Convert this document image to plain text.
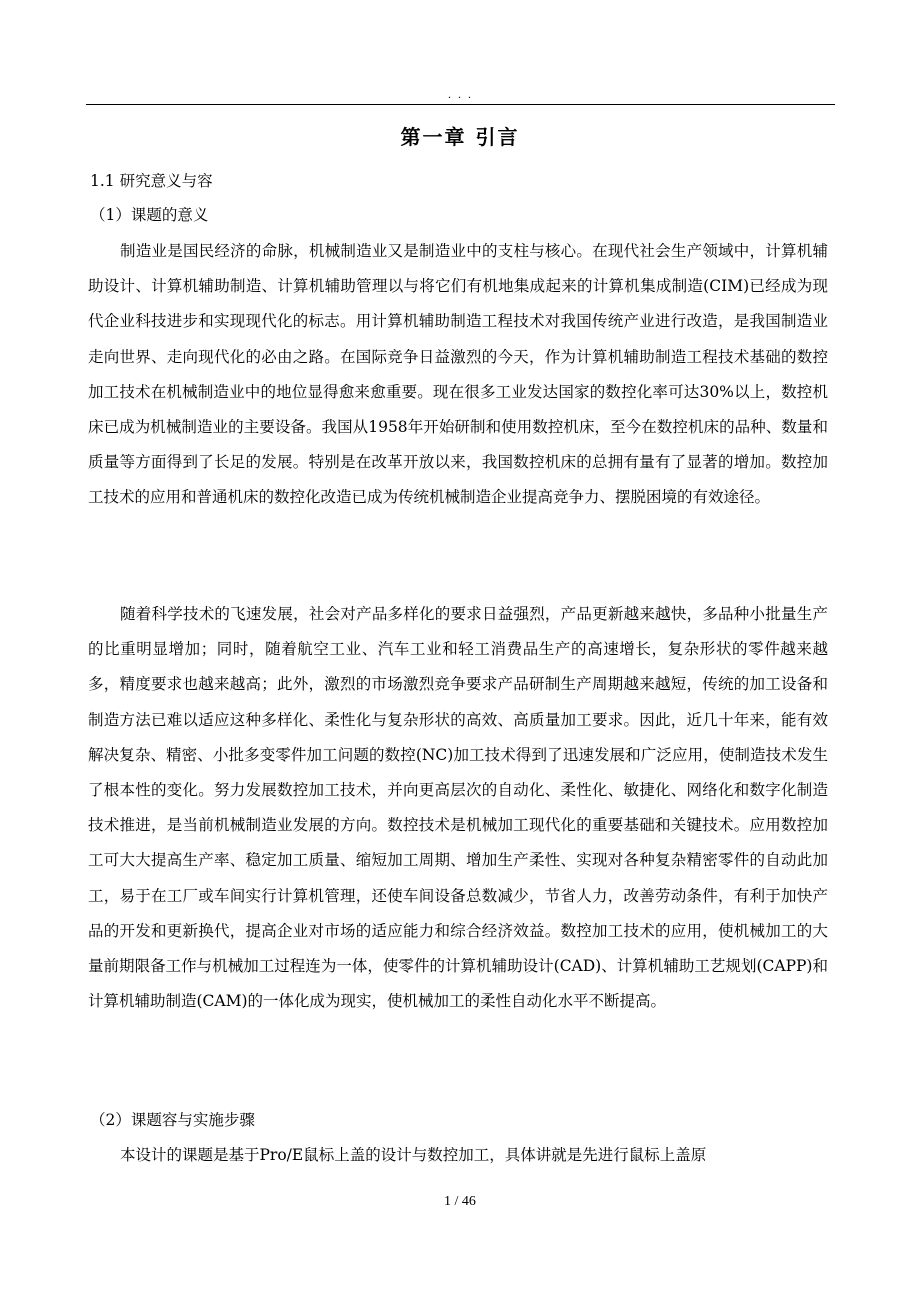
. . .
第一章 引言
1.1 研究意义与容
（1）课题的意义

制造业是国民经济的命脉，机械制造业又是制造业中的支柱与核心。在现代社会生产领域中，计算机辅助设计、计算机辅助制造、计算机辅助管理以与将它们有机地集成起来的计算机集成制造(CIM)已经成为现代企业科技进步和实现现代化的标志。用计算机辅助制造工程技术对我国传统产业进行改造，是我国制造业走向世界、走向现代化的必由之路。在国际竞争日益激烈的今天，作为计算机辅助制造工程技术基础的数控加工技术在机械制造业中的地位显得愈来愈重要。现在很多工业发达国家的数控化率可达30%以上，数控机床已成为机械制造业的主要设备。我国从1958年开始研制和使用数控机床，至今在数控机床的品种、数量和质量等方面得到了长足的发展。特别是在改革开放以来，我国数控机床的总拥有量有了显著的增加。数控加工技术的应用和普通机床的数控化改造已成为传统机械制造企业提高竞争力、摆脱困境的有效途径。

随着科学技术的飞速发展，社会对产品多样化的要求日益强烈，产品更新越来越快，多品种小批量生产的比重明显增加；同时，随着航空工业、汽车工业和轻工消费品生产的高速增长，复杂形状的零件越来越多，精度要求也越来越高；此外，激烈的市场激烈竞争要求产品研制生产周期越来越短，传统的加工设备和制造方法已难以适应这种多样化、柔性化与复杂形状的高效、高质量加工要求。因此，近几十年来，能有效解决复杂、精密、小批多变零件加工问题的数控(NC)加工技术得到了迅速发展和广泛应用，使制造技术发生了根本性的变化。努力发展数控加工技术，并向更高层次的自动化、柔性化、敏捷化、网络化和数字化制造技术推进，是当前机械制造业发展的方向。数控技术是机械加工现代化的重要基础和关键技术。应用数控加工可大大提高生产率、稳定加工质量、缩短加工周期、增加生产柔性、实现对各种复杂精密零件的自动此加工，易于在工厂或车间实行计算机管理，还使车间设备总数减少，节省人力，改善劳动条件，有利于加快产品的开发和更新换代，提高企业对市场的适应能力和综合经济效益。数控加工技术的应用，使机械加工的大量前期限备工作与机械加工过程连为一体，使零件的计算机辅助设计(CAD)、计算机辅助工艺规划(CAPP)和计算机辅助制造(CAM)的一体化成为现实，使机械加工的柔性自动化水平不断提高。

（2）课题容与实施步骤

本设计的课题是基于Pro/E鼠标上盖的设计与数控加工，具体讲就是先进行鼠标上盖原

1 / 46
